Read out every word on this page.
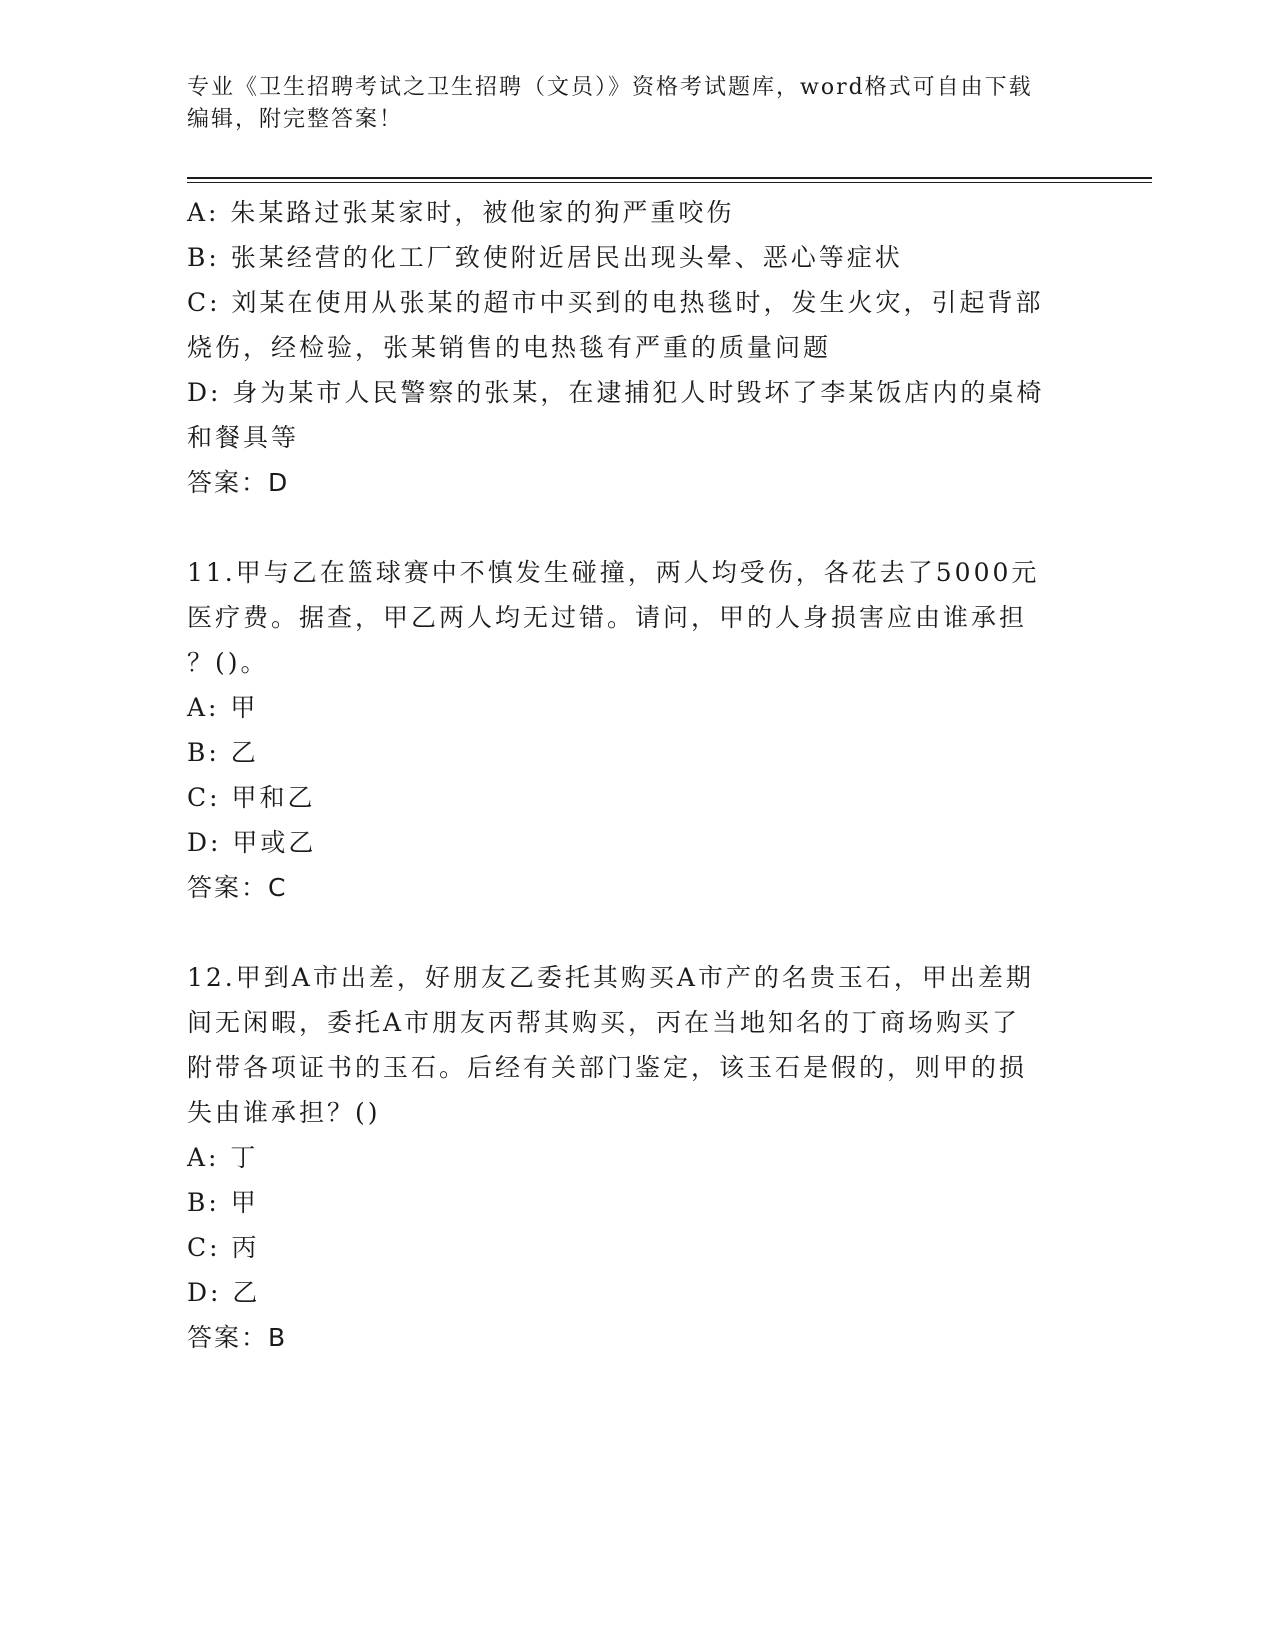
专业《卫生招聘考试之卫生招聘（文员）》资格考试题库，word格式可自由下载
编辑，附完整答案！
A: 朱某路过张某家时，被他家的狗严重咬伤
B: 张某经营的化工厂致使附近居民出现头晕、恶心等症状
C: 刘某在使用从张某的超市中买到的电热毯时，发生火灾，引起背部
烧伤，经检验，张某销售的电热毯有严重的质量问题
D: 身为某市人民警察的张某，在逮捕犯人时毁坏了李某饭店内的桌椅
和餐具等
答案：D
11.甲与乙在篮球赛中不慎发生碰撞，两人均受伤，各花去了5000元
医疗费。据查，甲乙两人均无过错。请问，甲的人身损害应由谁承担
？()。
A: 甲
B: 乙
C: 甲和乙
D: 甲或乙
答案：C
12.甲到A市出差，好朋友乙委托其购买A市产的名贵玉石，甲出差期
间无闲暇，委托A市朋友丙帮其购买，丙在当地知名的丁商场购买了
附带各项证书的玉石。后经有关部门鉴定，该玉石是假的，则甲的损
失由谁承担？()
A: 丁
B: 甲
C: 丙
D: 乙
答案：B
